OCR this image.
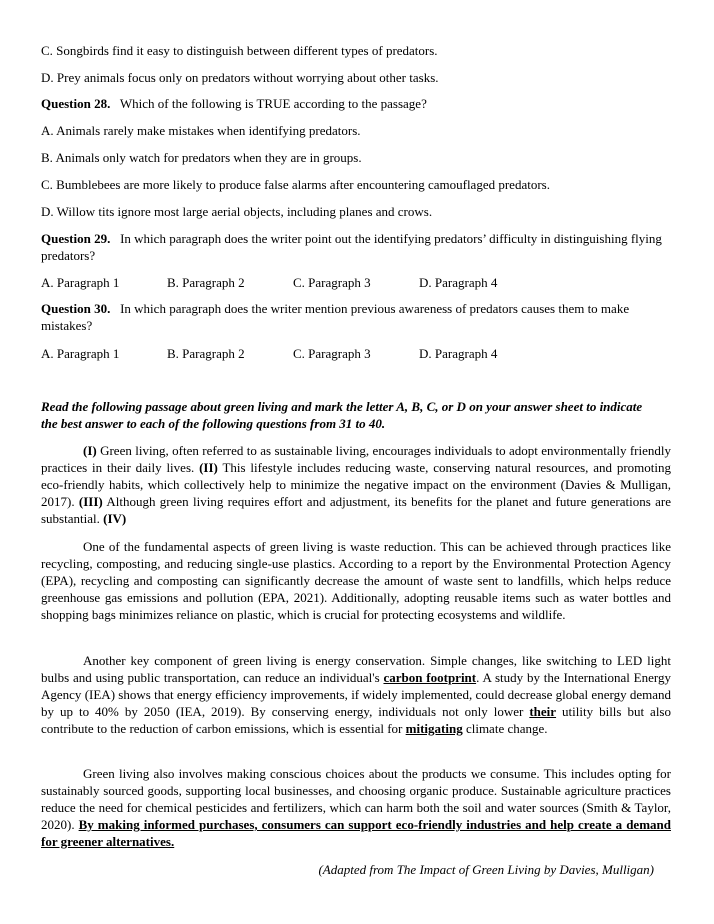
C. Songbirds find it easy to distinguish between different types of predators.
D. Prey animals focus only on predators without worrying about other tasks.
Question 28. Which of the following is TRUE according to the passage?
A. Animals rarely make mistakes when identifying predators.
B. Animals only watch for predators when they are in groups.
C. Bumblebees are more likely to produce false alarms after encountering camouflaged predators.
D. Willow tits ignore most large aerial objects, including planes and crows.
Question 29. In which paragraph does the writer point out the identifying predators’ difficulty in distinguishing flying predators?
A. Paragraph 1	B. Paragraph 2	C. Paragraph 3	D. Paragraph 4
Question 30. In which paragraph does the writer mention previous awareness of predators causes them to make mistakes?
A. Paragraph 1	B. Paragraph 2	C. Paragraph 3	D. Paragraph 4
Read the following passage about green living and mark the letter A, B, C, or D on your answer sheet to indicate the best answer to each of the following questions from 31 to 40.
(I) Green living, often referred to as sustainable living, encourages individuals to adopt environmentally friendly practices in their daily lives. (II) This lifestyle includes reducing waste, conserving natural resources, and promoting eco-friendly habits, which collectively help to minimize the negative impact on the environment (Davies & Mulligan, 2017). (III) Although green living requires effort and adjustment, its benefits for the planet and future generations are substantial. (IV)
One of the fundamental aspects of green living is waste reduction. This can be achieved through practices like recycling, composting, and reducing single-use plastics. According to a report by the Environmental Protection Agency (EPA), recycling and composting can significantly decrease the amount of waste sent to landfills, which helps reduce greenhouse gas emissions and pollution (EPA, 2021). Additionally, adopting reusable items such as water bottles and shopping bags minimizes reliance on plastic, which is crucial for protecting ecosystems and wildlife.
Another key component of green living is energy conservation. Simple changes, like switching to LED light bulbs and using public transportation, can reduce an individual's carbon footprint. A study by the International Energy Agency (IEA) shows that energy efficiency improvements, if widely implemented, could decrease global energy demand by up to 40% by 2050 (IEA, 2019). By conserving energy, individuals not only lower their utility bills but also contribute to the reduction of carbon emissions, which is essential for mitigating climate change.
Green living also involves making conscious choices about the products we consume. This includes opting for sustainably sourced goods, supporting local businesses, and choosing organic produce. Sustainable agriculture practices reduce the need for chemical pesticides and fertilizers, which can harm both the soil and water sources (Smith & Taylor, 2020). By making informed purchases, consumers can support eco-friendly industries and help create a demand for greener alternatives.
(Adapted from The Impact of Green Living by Davies, Mulligan)
